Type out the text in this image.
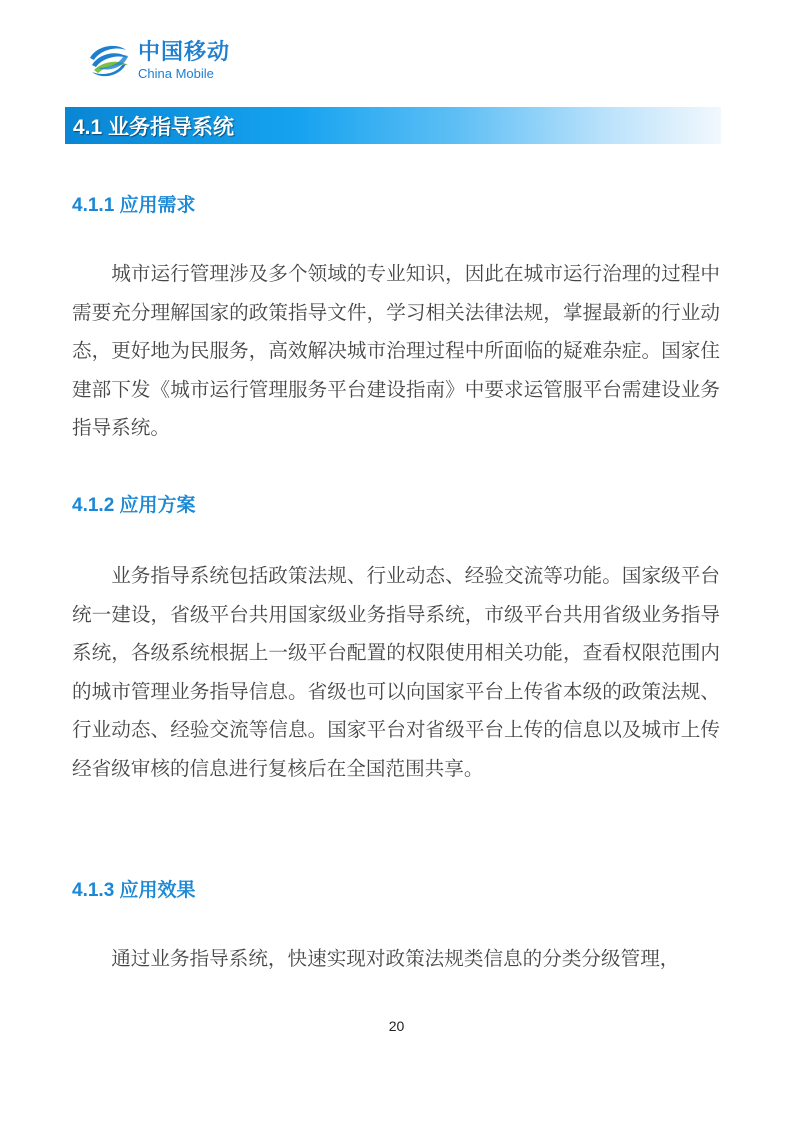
中国移动
China Mobile
4.1 业务指导系统
4.1.1 应用需求

城市运行管理涉及多个领域的专业知识，因此在城市运行治理的过程中需要充分理解国家的政策指导文件，学习相关法律法规，掌握最新的行业动态，更好地为民服务，高效解决城市治理过程中所面临的疑难杂症。国家住建部下发《城市运行管理服务平台建设指南》中要求运管服平台需建设业务指导系统。

4.1.2 应用方案

业务指导系统包括政策法规、行业动态、经验交流等功能。国家级平台统一建设，省级平台共用国家级业务指导系统，市级平台共用省级业务指导系统，各级系统根据上一级平台配置的权限使用相关功能，查看权限范围内的城市管理业务指导信息。省级也可以向国家平台上传省本级的政策法规、行业动态、经验交流等信息。国家平台对省级平台上传的信息以及城市上传经省级审核的信息进行复核后在全国范围共享。

4.1.3 应用效果

通过业务指导系统，快速实现对政策法规类信息的分类分级管理，

20
